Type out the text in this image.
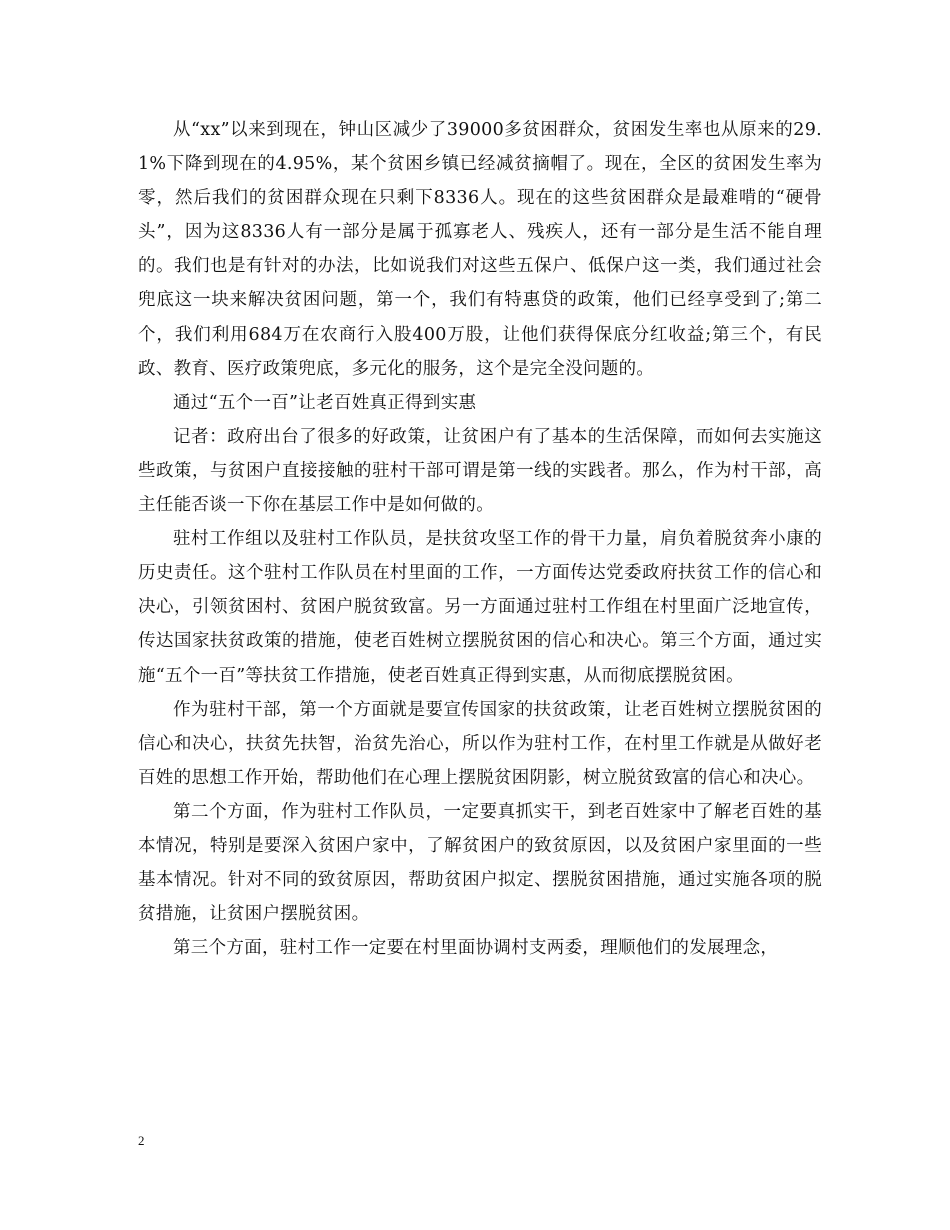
从“xx”以来到现在，钟山区减少了39000多贫困群众，贫困发生率也从原来的29.1%下降到现在的4.95%，某个贫困乡镇已经减贫摘帽了。现在，全区的贫困发生率为零，然后我们的贫困群众现在只剩下8336人。现在的这些贫困群众是最难啃的“硬骨头”，因为这8336人有一部分是属于孤寡老人、残疾人，还有一部分是生活不能自理的。我们也是有针对的办法，比如说我们对这些五保户、低保户这一类，我们通过社会兜底这一块来解决贫困问题，第一个，我们有特惠贷的政策，他们已经享受到了;第二个，我们利用684万在农商行入股400万股，让他们获得保底分红收益;第三个，有民政、教育、医疗政策兜底，多元化的服务，这个是完全没问题的。

通过“五个一百”让老百姓真正得到实惠

记者：政府出台了很多的好政策，让贫困户有了基本的生活保障，而如何去实施这些政策，与贫困户直接接触的驻村干部可谓是第一线的实践者。那么，作为村干部，高主任能否谈一下你在基层工作中是如何做的。

驻村工作组以及驻村工作队员，是扶贫攻坚工作的骨干力量，肩负着脱贫奔小康的历史责任。这个驻村工作队员在村里面的工作，一方面传达党委政府扶贫工作的信心和决心，引领贫困村、贫困户脱贫致富。另一方面通过驻村工作组在村里面广泛地宣传，传达国家扶贫政策的措施，使老百姓树立摆脱贫困的信心和决心。第三个方面，通过实施“五个一百”等扶贫工作措施，使老百姓真正得到实惠，从而彻底摆脱贫困。

作为驻村干部，第一个方面就是要宣传国家的扶贫政策，让老百姓树立摆脱贫困的信心和决心，扶贫先扶智，治贫先治心，所以作为驻村工作，在村里工作就是从做好老百姓的思想工作开始，帮助他们在心理上摆脱贫困阴影，树立脱贫致富的信心和决心。

第二个方面，作为驻村工作队员，一定要真抓实干，到老百姓家中了解老百姓的基本情况，特别是要深入贫困户家中，了解贫困户的致贫原因，以及贫困户家里面的一些基本情况。针对不同的致贫原因，帮助贫困户拟定、摆脱贫困措施，通过实施各项的脱贫措施，让贫困户摆脱贫困。

第三个方面，驻村工作一定要在村里面协调村支两委，理顺他们的发展理念，

2
